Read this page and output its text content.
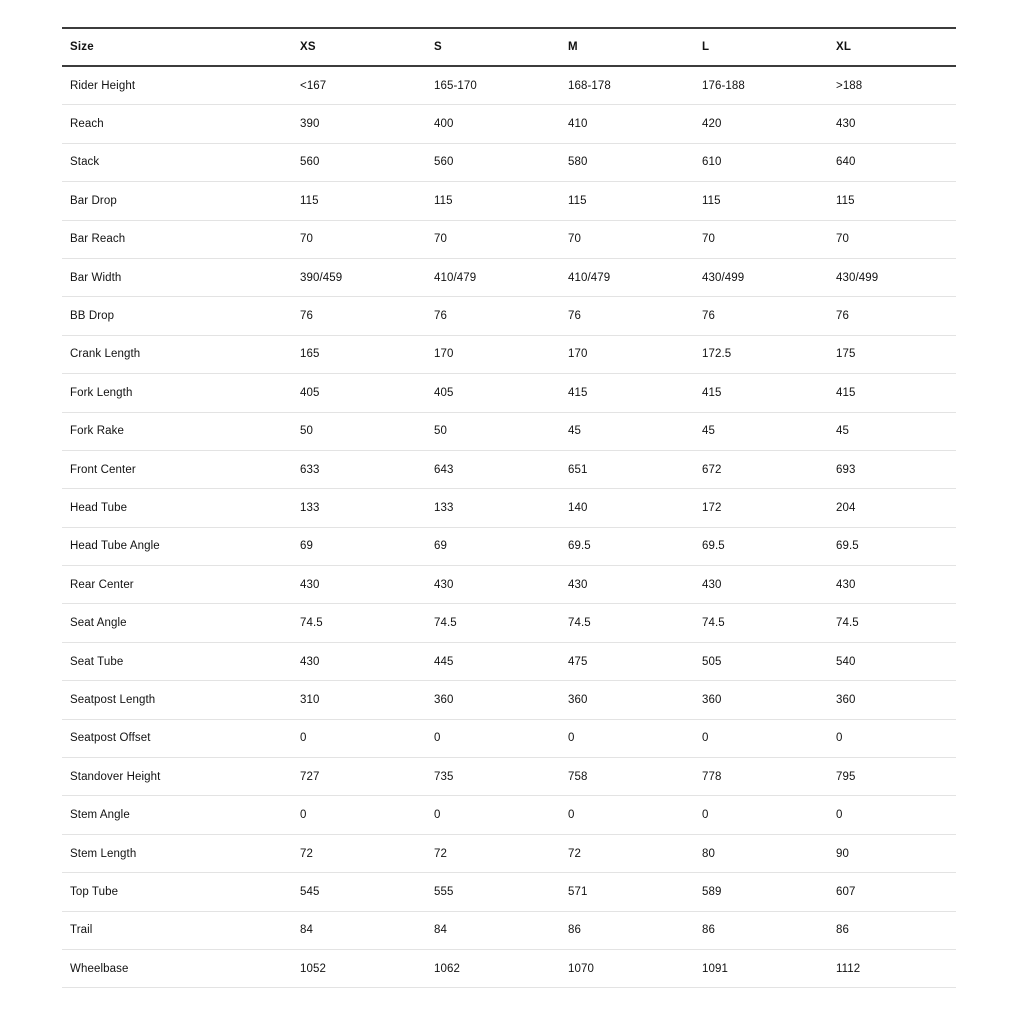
Size	XS	S	M	L	XL
Rider Height	<167	165-170	168-178	176-188	>188
Reach	390	400	410	420	430
Stack	560	560	580	610	640
Bar Drop	115	115	115	115	115
Bar Reach	70	70	70	70	70
Bar Width	390/459	410/479	410/479	430/499	430/499
BB Drop	76	76	76	76	76
Crank Length	165	170	170	172.5	175
Fork Length	405	405	415	415	415
Fork Rake	50	50	45	45	45
Front Center	633	643	651	672	693
Head Tube	133	133	140	172	204
Head Tube Angle	69	69	69.5	69.5	69.5
Rear Center	430	430	430	430	430
Seat Angle	74.5	74.5	74.5	74.5	74.5
Seat Tube	430	445	475	505	540
Seatpost Length	310	360	360	360	360
Seatpost Offset	0	0	0	0	0
Standover Height	727	735	758	778	795
Stem Angle	0	0	0	0	0
Stem Length	72	72	72	80	90
Top Tube	545	555	571	589	607
Trail	84	84	86	86	86
Wheelbase	1052	1062	1070	1091	1112
